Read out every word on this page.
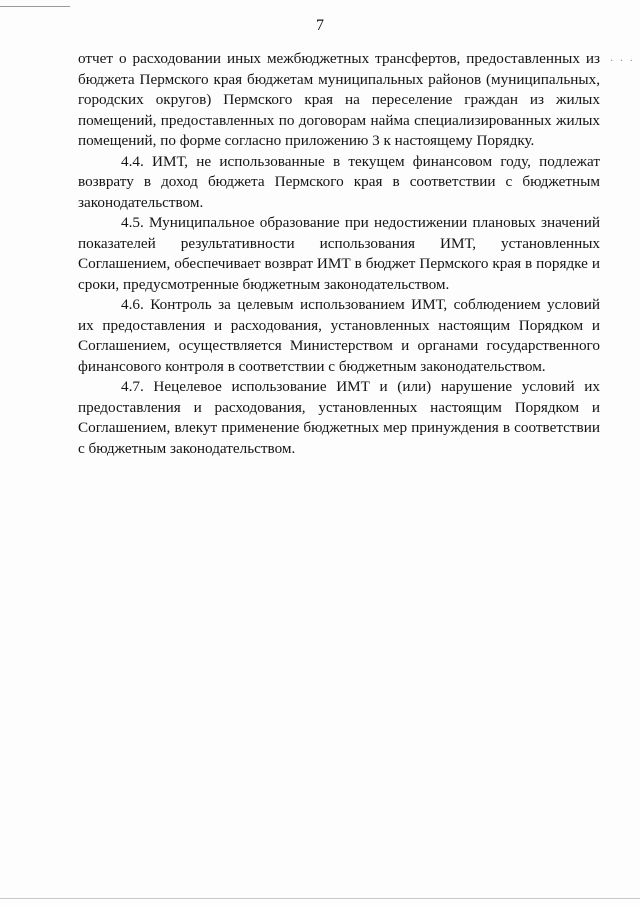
7
· · ·

отчет о расходовании иных межбюджетных трансфертов, предоставленных из бюджета Пермского края бюджетам муниципальных районов (муниципальных, городских округов) Пермского края на переселение граждан из жилых помещений, предоставленных по договорам найма специализированных жилых помещений, по форме согласно приложению 3 к настоящему Порядку.

4.4. ИМТ, не использованные в текущем финансовом году, подлежат возврату в доход бюджета Пермского края в соответствии с бюджетным законодательством.

4.5. Муниципальное образование при недостижении плановых значений показателей результативности использования ИМТ, установленных Соглашением, обеспечивает возврат ИМТ в бюджет Пермского края в порядке и сроки, предусмотренные бюджетным законодательством.

4.6. Контроль за целевым использованием ИМТ, соблюдением условий их предоставления и расходования, установленных настоящим Порядком и Соглашением, осуществляется Министерством и органами государственного финансового контроля в соответствии с бюджетным законодательством.

4.7. Нецелевое использование ИМТ и (или) нарушение условий их предоставления и расходования, установленных настоящим Порядком и Соглашением, влекут применение бюджетных мер принуждения в соответствии с бюджетным законодательством.
